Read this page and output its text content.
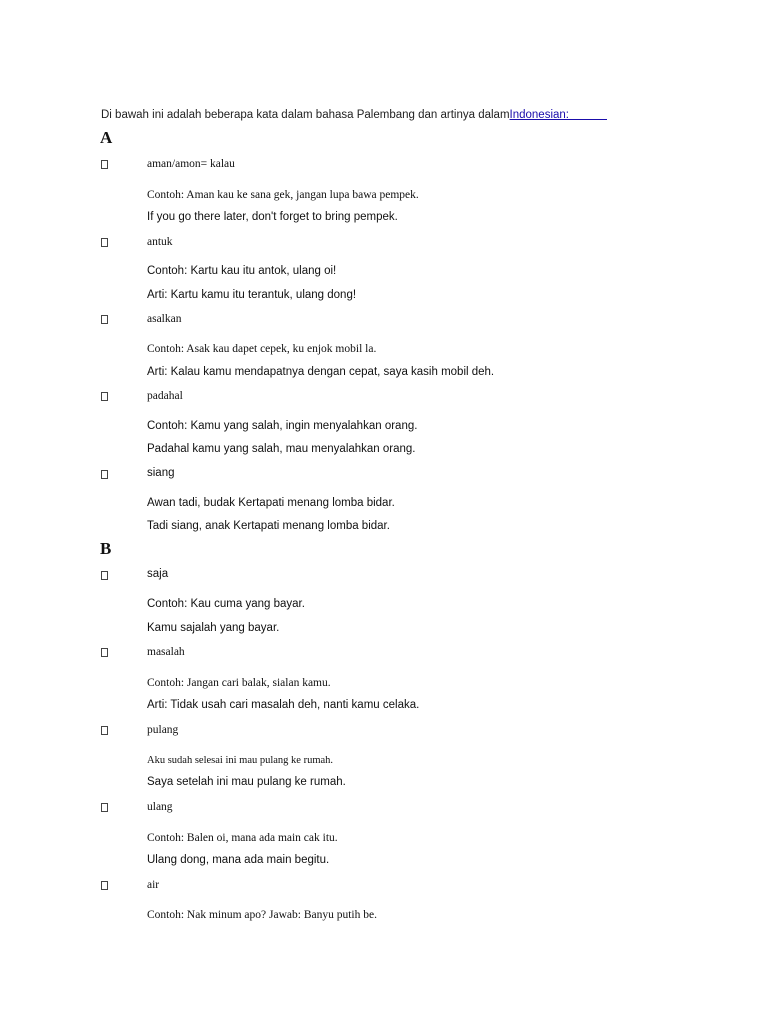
Di bawah ini adalah beberapa kata dalam bahasa Palembang dan artinya dalamIndonesian:
A
aman/amon= kalau
Contoh: Aman kau ke sana gek, jangan lupa bawa pempek.
If you go there later, don't forget to bring pempek.
antuk
Contoh: Kartu kau itu antok, ulang oi!
Arti: Kartu kamu itu terantuk, ulang dong!
asalkan
Contoh: Asak kau dapet cepek, ku enjok mobil la.
Arti: Kalau kamu mendapatnya dengan cepat, saya kasih mobil deh.
padahal
Contoh: Kamu yang salah, ingin menyalahkan orang.
Padahal kamu yang salah, mau menyalahkan orang.
siang
Awan tadi, budak Kertapati menang lomba bidar.
Tadi siang, anak Kertapati menang lomba bidar.
B
saja
Contoh: Kau cuma yang bayar.
Kamu sajalah yang bayar.
masalah
Contoh: Jangan cari balak, sialan kamu.
Arti: Tidak usah cari masalah deh, nanti kamu celaka.
pulang
Aku sudah selesai ini mau pulang ke rumah.
Saya setelah ini mau pulang ke rumah.
ulang
Contoh: Balen oi, mana ada main cak itu.
Ulang dong, mana ada main begitu.
air
Contoh: Nak minum apo? Jawab: Banyu putih be.
